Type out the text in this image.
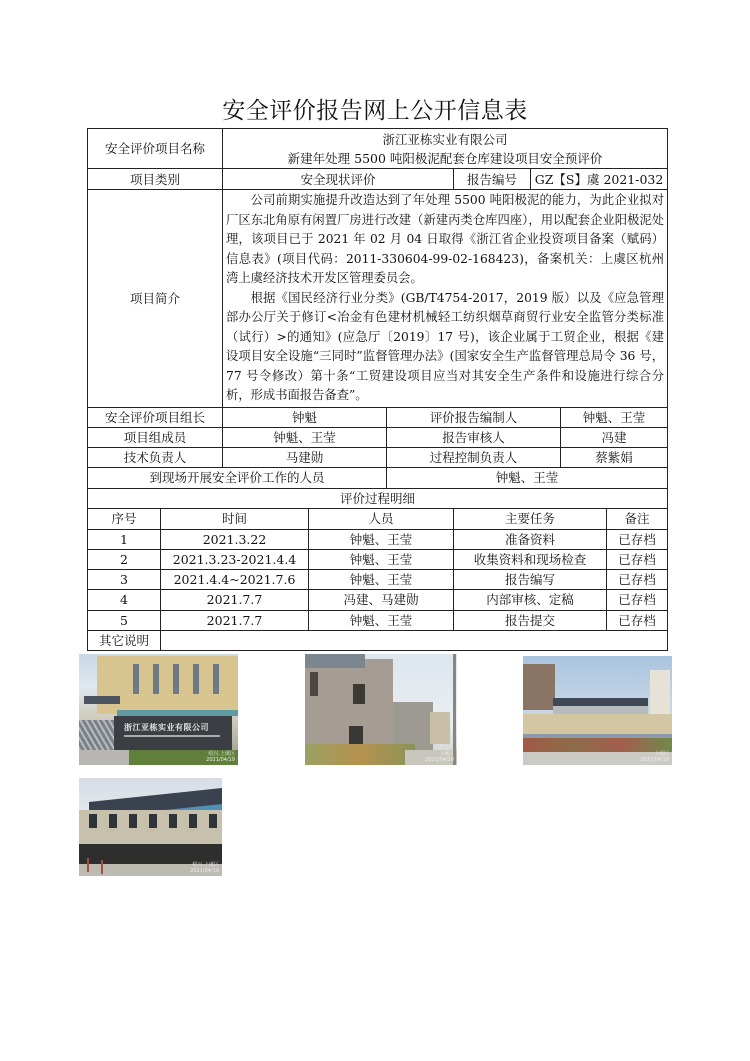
安全评价报告网上公开信息表
安全评价项目名称		浙江亚栋实业有限公司
新建年处理 5500 吨阳极泥配套仓库建设项目安全预评价						

项目类别		安全现状评价			报告编号	GZ【S】虞 2021-032		
项目简介		公司前期实施提升改造达到了年处理 5500 吨阳极泥的能力，为此企业拟对厂区东北角原有闲置厂房进行改建（新建丙类仓库四座），用以配套企业阳极泥处理，该项目已于 2021 年 02 月 04 日取得《浙江省企业投资项目备案（赋码）信息表》(项目代码：2011-330604-99-02-168423)，备案机关：上虞区杭州湾上虞经济技术开发区管理委员会。

根据《国民经济行业分类》(GB/T4754-2017，2019 版）以及《应急管理部办公厅关于修订<冶金有色建材机械轻工纺织烟草商贸行业安全监管分类标准（试行）>的通知》(应急厅〔2019〕17 号)，该企业属于工贸企业，根据《建设项目安全设施“三同时”监督管理办法》(国家安全生产监督管理总局令 36 号，77 号令修改）第十条“工贸建设项目应当对其安全生产条件和设施进行综合分析，形成书面报告备查”。						

安全评价项目组长		钟魁		评价报告编制人			钟魁、王莹	
项目组成员		钟魁、王莹		报告审核人			冯建	
技术负责人		马建勋		过程控制负责人			蔡紫娟	
到现场开展安全评价工作的人员				钟魁、王莹				
评价过程明细								
序号	时间		人员		主要任务			备注
1	2021.3.22		钟魁、王莹		准备资料			已存档
2	2021.3.23-2021.4.4		钟魁、王莹		收集资料和现场检查			已存档
3	2021.4.4~2021.7.6		钟魁、王莹		报告编写			已存档
4	2021.7.7		冯建、马建勋		内部审核、定稿			已存档
5	2021.7.7		钟魁、王莹		报告提交			已存档
其它说明								
浙江亚栋实业有限公司
绍兴.上虞区 2021/04/19
上虞区 2021/04/19
上虞区 2021/04/19
绍兴.上虞区 2021/04/19
